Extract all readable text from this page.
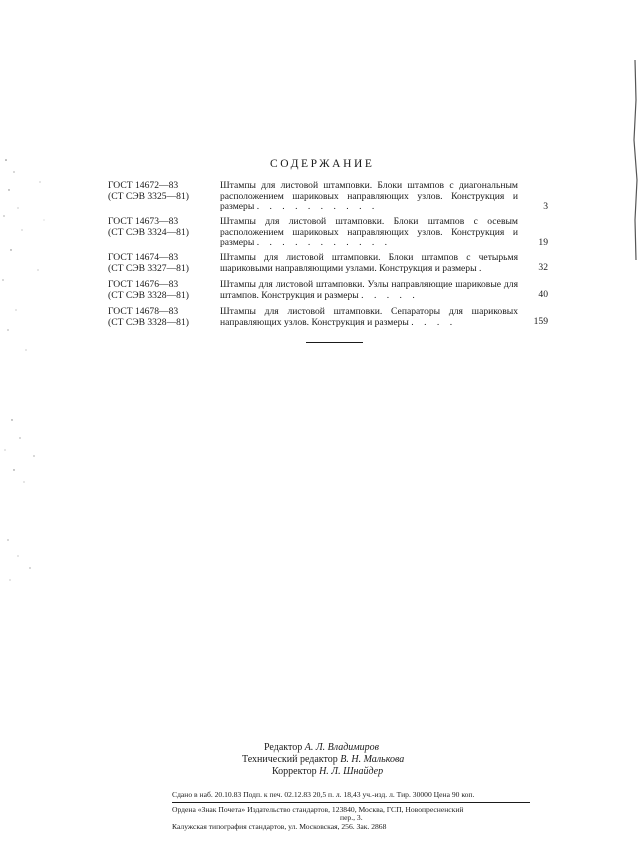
СОДЕРЖАНИЕ
ГОСТ 14672—83
(СТ СЭВ 3325—81)
Штампы для листовой штамповки. Блоки штампов с диагональным расположением шариковых направляющих узлов. Конструкция и размеры . . . . . . . . . .	3
ГОСТ 14673—83
(СТ СЭВ 3324—81)
Штампы для листовой штамповки. Блоки штампов с осевым расположением шариковых направляющих узлов. Конструкция и размеры . . . . . . . . . . .	19
ГОСТ 14674—83
(СТ СЭВ 3327—81)
Штампы для листовой штамповки. Блоки штампов с четырьмя шариковыми направляющими узлами. Конструкция и размеры .	32
ГОСТ 14676—83
(СТ СЭВ 3328—81)
Штампы для листовой штамповки. Узлы направляющие шариковые для штампов. Конструкция и размеры . . . . .	40
ГОСТ 14678—83
(СТ СЭВ 3328—81)
Штампы для листовой штамповки. Сепараторы для шариковых направляющих узлов. Конструкция и размеры . . . .	159
Редактор А. Л. Владимиров
Технический редактор В. Н. Малькова
Корректор Н. Л. Шнайдер
Сдано в наб. 20.10.83 Подп. к печ. 02.12.83 20,5 п. л. 18,43 уч.-изд. л. Тир. 30000 Цена 90 коп.
Ордена «Знак Почета» Издательство стандартов, 123840, Москва, ГСП, Новопресненский
пер., 3.
Калужская типография стандартов, ул. Московская, 256. Зак. 2868
